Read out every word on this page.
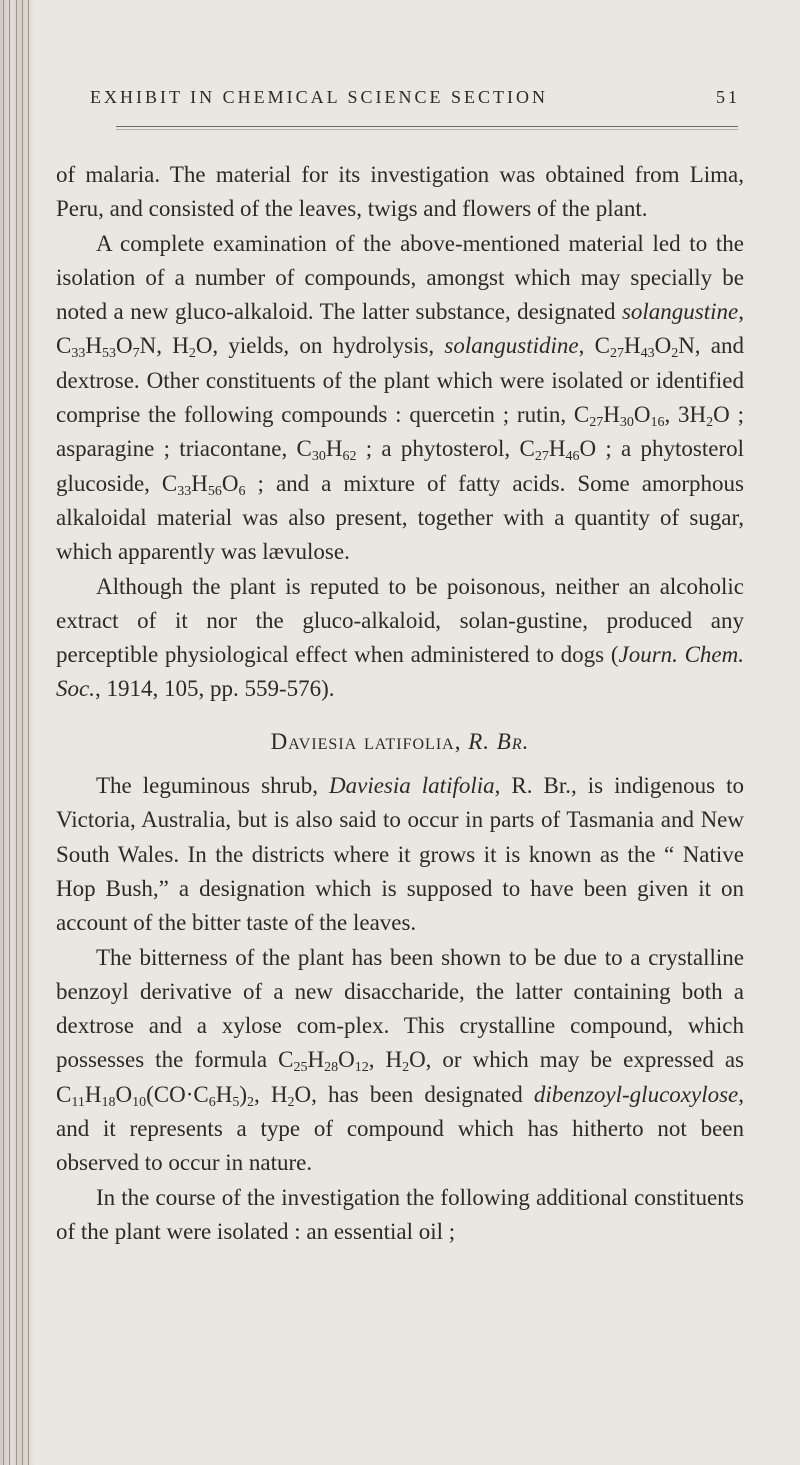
EXHIBIT IN CHEMICAL SCIENCE SECTION	51

of malaria. The material for its investigation was obtained from Lima, Peru, and consisted of the leaves, twigs and flowers of the plant.

A complete examination of the above-mentioned material led to the isolation of a number of compounds, amongst which may specially be noted a new gluco-alkaloid. The latter substance, designated solangustine, $C_{33}H_{53}O_7N$, $H_2O$, yields, on hydrolysis, solangustidine, $C_{27}H_{43}O_2N$, and dextrose. Other constituents of the plant which were isolated or identified comprise the following compounds : quercetin ; rutin, $C_{27}H_{30}O_{16}$, $3H_2O$ ; asparagine ; triacontane, $C_{30}H_{62}$ ; a phytosterol, $C_{27}H_{46}O$ ; a phytosterol glucoside, $C_{33}H_{56}O_6$ ; and a mixture of fatty acids. Some amorphous alkaloidal material was also present, together with a quantity of sugar, which apparently was lævulose.

Although the plant is reputed to be poisonous, neither an alcoholic extract of it nor the gluco-alkaloid, solan-gustine, produced any perceptible physiological effect when administered to dogs (Journ. Chem. Soc., 1914, 105, pp. 559-576).

Daviesia latifolia, R. Br.

The leguminous shrub, Daviesia latifolia, R. Br., is indigenous to Victoria, Australia, but is also said to occur in parts of Tasmania and New South Wales. In the districts where it grows it is known as the “ Native Hop Bush,” a designation which is supposed to have been given it on account of the bitter taste of the leaves.

The bitterness of the plant has been shown to be due to a crystalline benzoyl derivative of a new disaccharide, the latter containing both a dextrose and a xylose com-plex. This crystalline compound, which possesses the formula $C_{25}H_{28}O_{12}$, $H_2O$, or which may be expressed as $C_{11}H_{18}O_{10}(CO\cdot C_6H_5)_2$, $H_2O$, has been designated dibenzoyl-glucoxylose, and it represents a type of compound which has hitherto not been observed to occur in nature.

In the course of the investigation the following additional constituents of the plant were isolated : an essential oil ;
